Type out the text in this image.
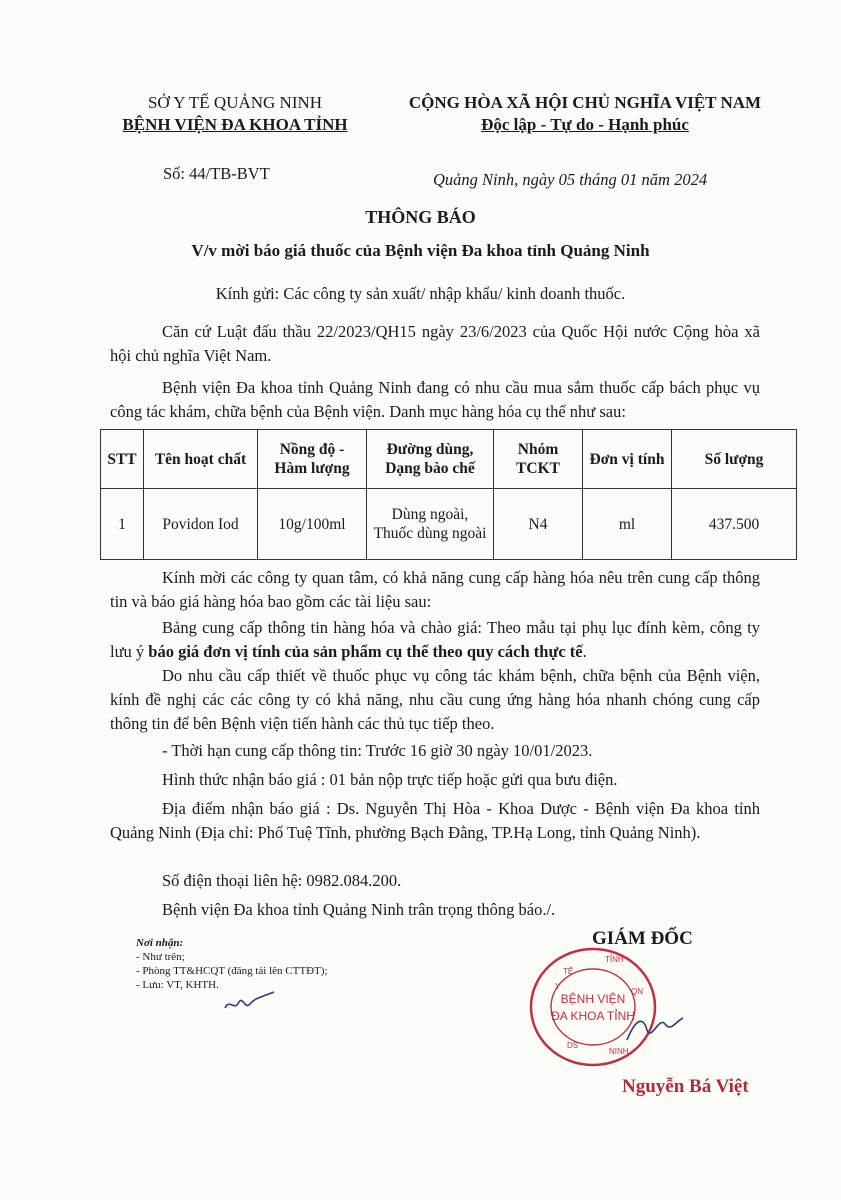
SỞ Y TẾ QUẢNG NINH
BỆNH VIỆN ĐA KHOA TỈNH
CỘNG HÒA XÃ HỘI CHỦ NGHĨA VIỆT NAM
Độc lập - Tự do - Hạnh phúc
Số: 44/TB-BVT	Quảng Ninh, ngày 05 tháng 01 năm 2024
THÔNG BÁO
V/v mời báo giá thuốc của Bệnh viện Đa khoa tỉnh Quảng Ninh
Kính gửi: Các công ty sản xuất/ nhập khẩu/ kinh doanh thuốc.
Căn cứ Luật đấu thầu 22/2023/QH15 ngày 23/6/2023 của Quốc Hội nước Cộng hòa xã hội chủ nghĩa Việt Nam.
Bệnh viện Đa khoa tỉnh Quảng Ninh đang có nhu cầu mua sắm thuốc cấp bách phục vụ công tác khám, chữa bệnh của Bệnh viện. Danh mục hàng hóa cụ thể như sau:
STT	Tên hoạt chất	Nồng độ - Hàm lượng	Đường dùng, Dạng bào chế	Nhóm TCKT	Đơn vị tính	Số lượng
1	Povidon Iod	10g/100ml	Dùng ngoài, Thuốc dùng ngoài	N4	ml	437.500
Kính mời các công ty quan tâm, có khả năng cung cấp hàng hóa nêu trên cung cấp thông tin và báo giá hàng hóa bao gồm các tài liệu sau:
Bảng cung cấp thông tin hàng hóa và chào giá: Theo mẫu tại phụ lục đính kèm, công ty lưu ý báo giá đơn vị tính của sản phẩm cụ thể theo quy cách thực tế.
Do nhu cầu cấp thiết về thuốc phục vụ công tác khám bệnh, chữa bệnh của Bệnh viện, kính đề nghị các các công ty có khả năng, nhu cầu cung ứng hàng hóa nhanh chóng cung cấp thông tin để bên Bệnh viện tiến hành các thủ tục tiếp theo.
- Thời hạn cung cấp thông tin: Trước 16 giờ 30 ngày 10/01/2023.
Hình thức nhận báo giá : 01 bản nộp trực tiếp hoặc gửi qua bưu điện.
Địa điểm nhận báo giá : Ds. Nguyễn Thị Hòa - Khoa Dược - Bệnh viện Đa khoa tỉnh Quảng Ninh (Địa chỉ: Phố Tuệ Tĩnh, phường Bạch Đằng, TP.Hạ Long, tỉnh Quảng Ninh).
Số điện thoại liên hệ: 0982.084.200.
Bệnh viện Đa khoa tỉnh Quảng Ninh trân trọng thông báo./.
Nơi nhận:
- Như trên;
- Phòng TT&HCQT (đăng tải lên CTTĐT);
- Lưu: VT, KHTH.
GIÁM ĐỐC
Y
TẾ
TỈNH
QN
DS
NINH
BỆNH VIỆN
ĐA KHOA TỈNH
Nguyễn Bá Việt
